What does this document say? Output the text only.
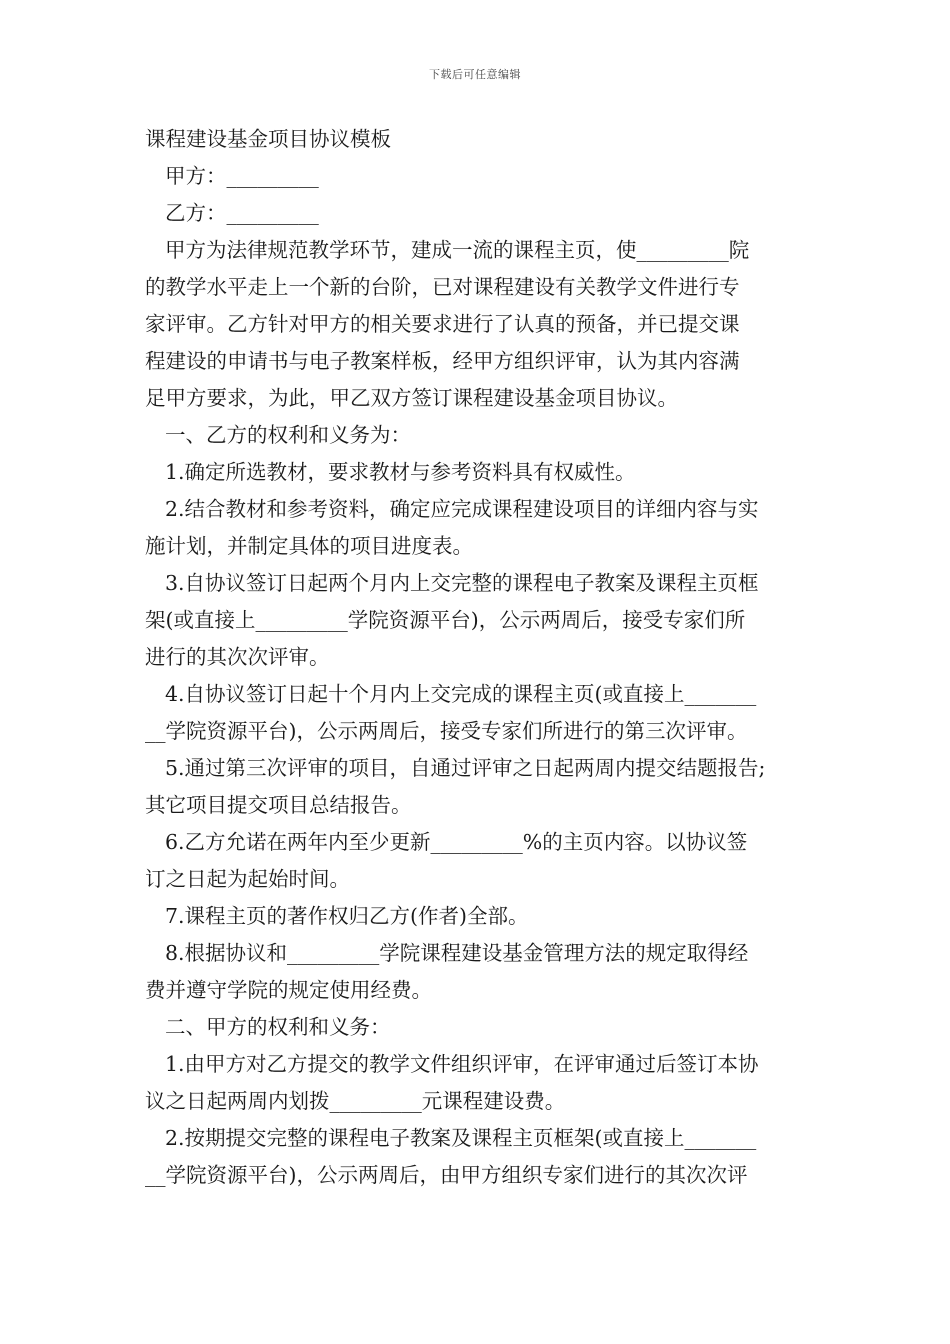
下载后可任意编辑
课程建设基金项目协议模板
甲方：_________
乙方：_________
甲方为法律规范教学环节，建成一流的课程主页，使_________院
的教学水平走上一个新的台阶，已对课程建设有关教学文件进行专
家评审。乙方针对甲方的相关要求进行了认真的预备，并已提交课
程建设的申请书与电子教案样板，经甲方组织评审，认为其内容满
足甲方要求，为此，甲乙双方签订课程建设基金项目协议。
一、乙方的权利和义务为：
1.确定所选教材，要求教材与参考资料具有权威性。
2.结合教材和参考资料，确定应完成课程建设项目的详细内容与实
施计划，并制定具体的项目进度表。
3.自协议签订日起两个月内上交完整的课程电子教案及课程主页框
架(或直接上_________学院资源平台)，公示两周后，接受专家们所
进行的其次次评审。
4.自协议签订日起十个月内上交完成的课程主页(或直接上_______
__学院资源平台)，公示两周后，接受专家们所进行的第三次评审。
5.通过第三次评审的项目，自通过评审之日起两周内提交结题报告;
其它项目提交项目总结报告。
6.乙方允诺在两年内至少更新_________%的主页内容。以协议签
订之日起为起始时间。
7.课程主页的著作权归乙方(作者)全部。
8.根据协议和_________学院课程建设基金管理方法的规定取得经
费并遵守学院的规定使用经费。
二、甲方的权利和义务：
1.由甲方对乙方提交的教学文件组织评审，在评审通过后签订本协
议之日起两周内划拨_________元课程建设费。
2.按期提交完整的课程电子教案及课程主页框架(或直接上_______
__学院资源平台)，公示两周后，由甲方组织专家们进行的其次次评
